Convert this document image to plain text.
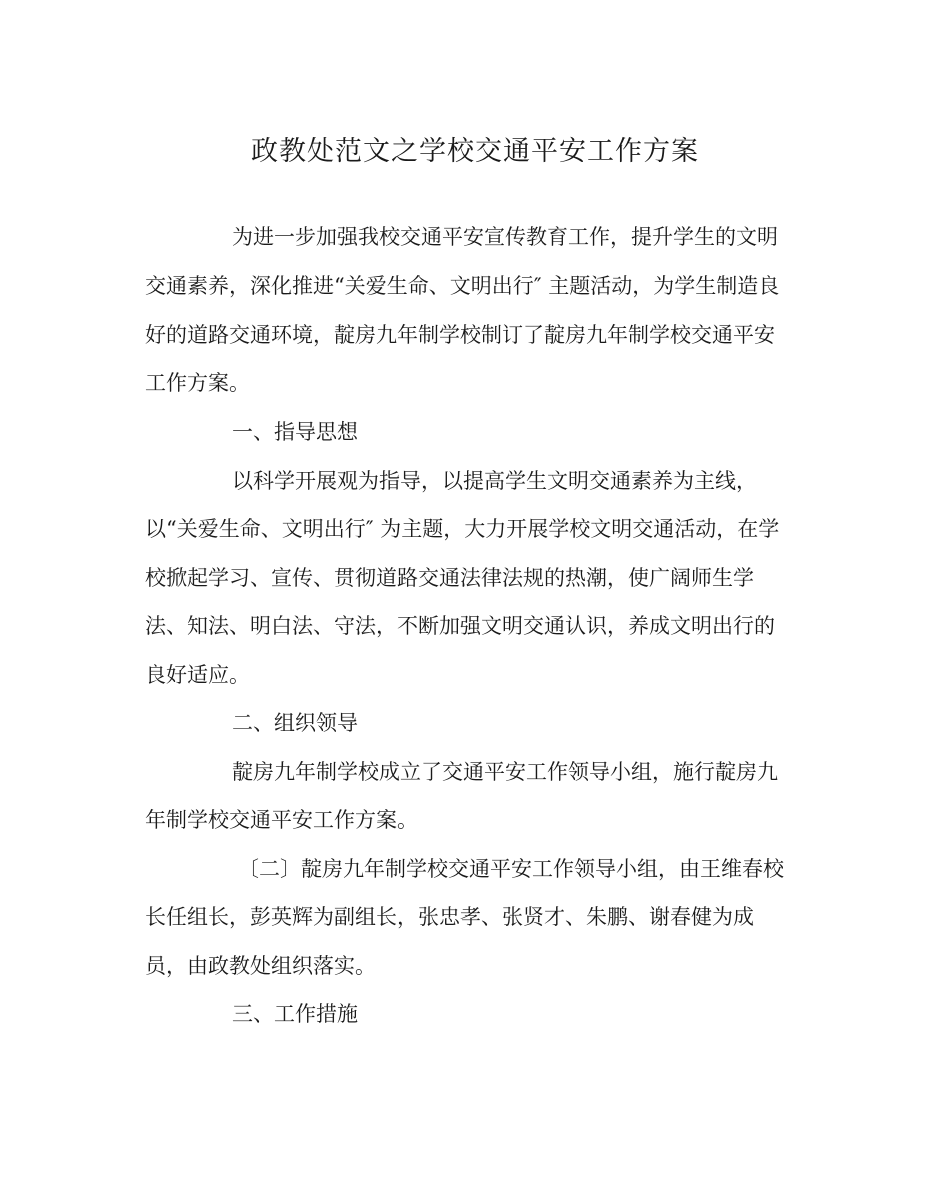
政教处范文之学校交通平安工作方案

为进一步加强我校交通平安宣传教育工作，提升学生的文明

交通素养，深化推进“关爱生命、文明出行″ 主题活动，为学生制造良

好的道路交通环境，靛房九年制学校制订了靛房九年制学校交通平安

工作方案。

一、指导思想

以科学开展观为指导，以提高学生文明交通素养为主线，

以“关爱生命、文明出行″ 为主题，大力开展学校文明交通活动，在学

校掀起学习、宣传、贯彻道路交通法律法规的热潮，使广阔师生学

法、知法、明白法、守法，不断加强文明交通认识，养成文明出行的

良好适应。

二、组织领导

靛房九年制学校成立了交通平安工作领导小组，施行靛房九

年制学校交通平安工作方案。

〔二〕靛房九年制学校交通平安工作领导小组，由王维春校

长任组长，彭英辉为副组长，张忠孝、张贤才、朱鹏、谢春健为成

员，由政教处组织落实。

三、工作措施
